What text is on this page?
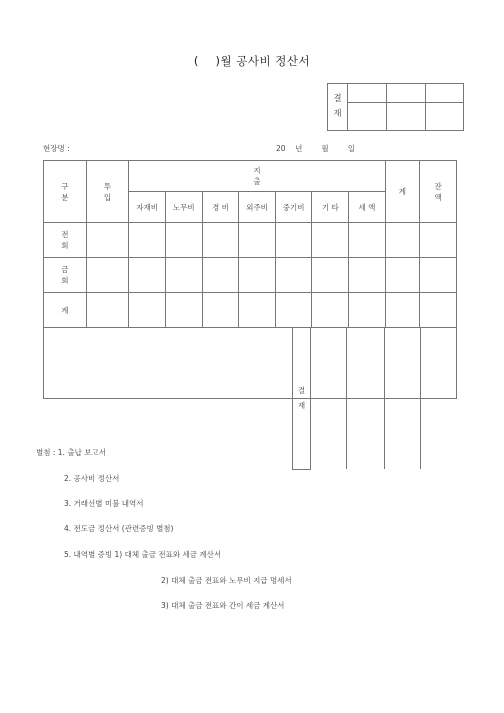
(    )월 공사비 정산서
결
재			

현장명 :	20    년        월        일
구 분	투 입	지 출	계	잔 액
자재비	노무비	경 비	외주비	중기비	기 타	세 액
전 회										
금 회										
계										

결
재

별첨 : 1. 출납 보고서
2. 공사비 정산서
3. 거래선별 미불 내역서
4. 전도금 정산서 (관련증빙 별첨)
5. 내역별 증빙 1) 대체 출금 전표와 세금 계산서
2) 대체 출금 전표와 노무비 지급 명세서
3) 대체 출금 전표와 간이 세금 계산서
